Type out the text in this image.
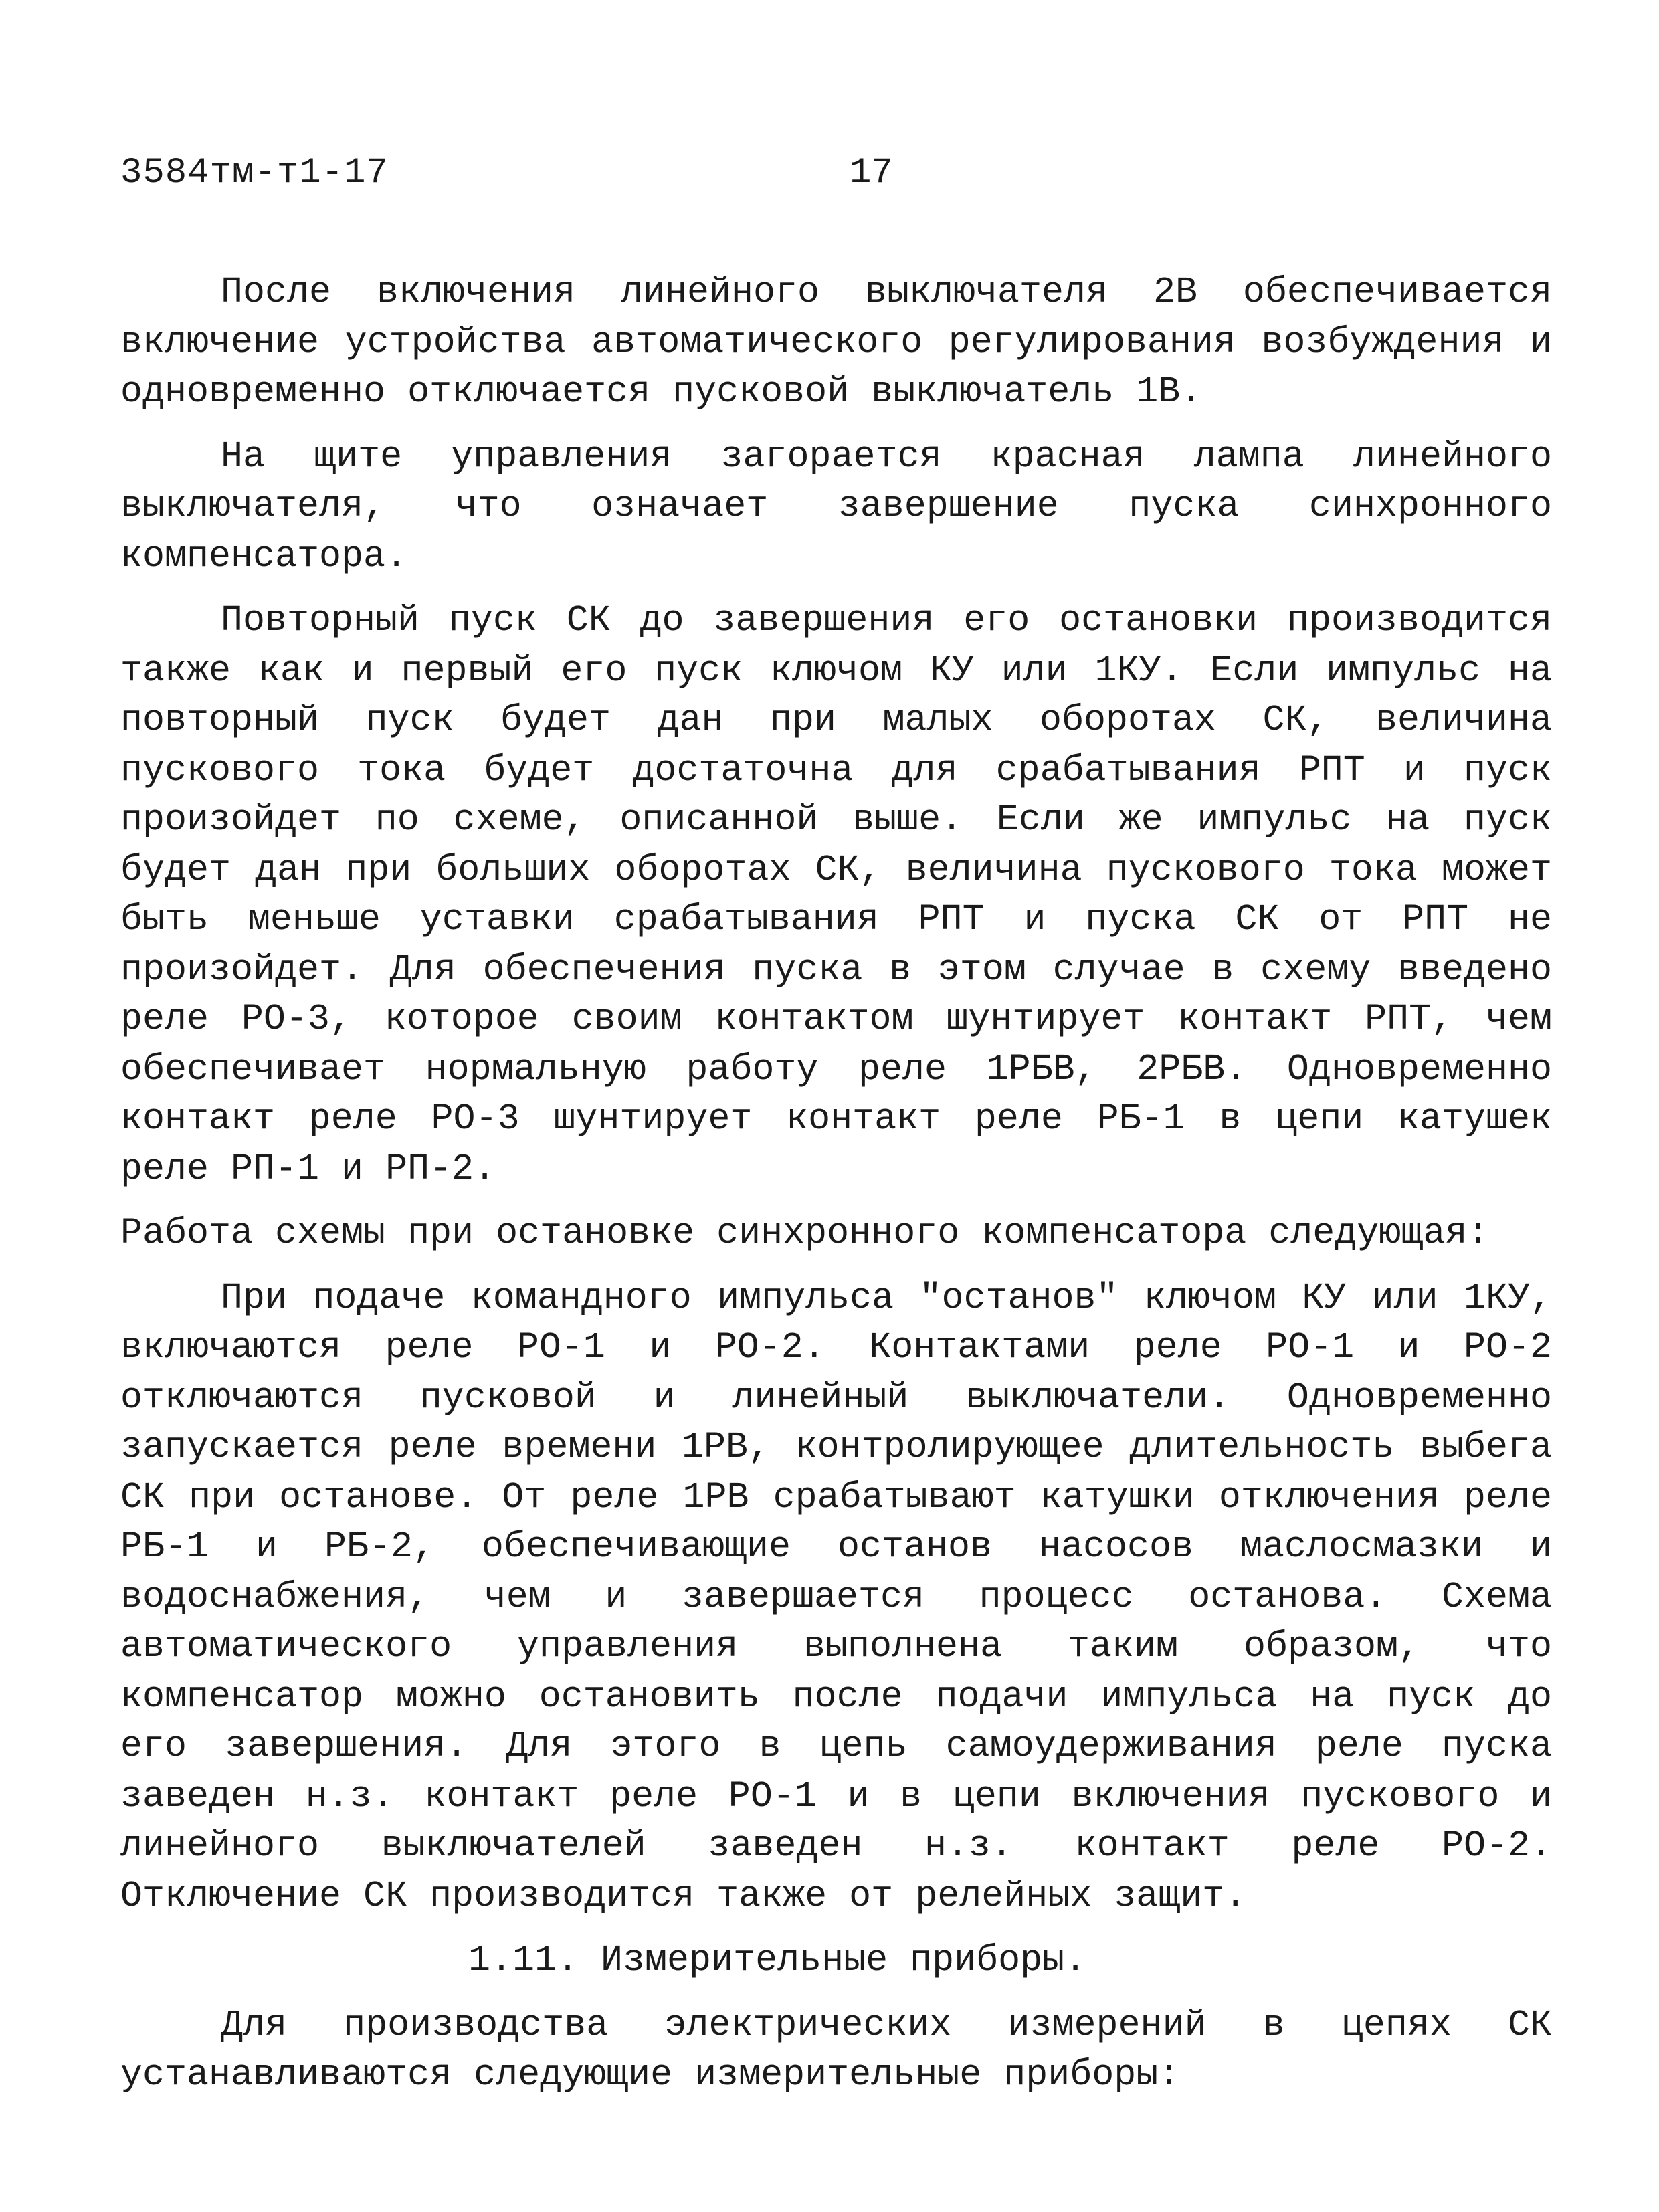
3584тм-т1-17	17

После включения линейного выключателя 2В обеспечивается включение устройства автоматического регулирования возбуждения и одновременно отключается пусковой выключатель 1В.

На щите управления загорается красная лампа линейного выключателя, что означает завершение пуска синхронного компенсатора.

Повторный пуск СК до завершения его остановки производится также как и первый его пуск ключом КУ или 1КУ. Если импульс на повторный пуск будет дан при малых оборотах СК, величина пускового тока будет достаточна для срабатывания РПТ и пуск произойдет по схеме, описанной выше. Если же импульс на пуск будет дан при больших оборотах СК, величина пускового тока может быть меньше уставки срабатывания РПТ и пуска СК от РПТ не произойдет. Для обеспечения пуска в этом случае в схему введено реле РО-3, которое своим контактом шунтирует контакт РПТ, чем обеспечивает нормальную работу реле 1РБВ, 2РБВ. Одновременно контакт реле РО-3 шунтирует контакт реле РБ-1 в цепи катушек реле РП-1 и РП-2.

Работа схемы при остановке синхронного компенсатора следующая:

При подаче командного импульса "останов" ключом КУ или 1КУ, включаются реле РО-1 и РО-2. Контактами реле РО-1 и РО-2 отключаются пусковой и линейный выключатели. Одновременно запускается реле времени 1РВ, контролирующее длительность выбега СК при останове. От реле 1РВ срабатывают катушки отключения реле РБ-1 и РБ-2, обеспечивающие останов насосов маслосмазки и водоснабжения, чем и завершается процесс останова. Схема автоматического управления выполнена таким образом, что компенсатор можно остановить после подачи импульса на пуск до его завершения. Для этого в цепь самоудерживания реле пуска заведен н.з. контакт реле РО-1 и в цепи включения пускового и линейного выключателей заведен н.з. контакт реле РО-2. Отключение СК производится также от релейных защит.

1.11. Измерительные приборы.

Для производства электрических измерений в цепях СК устанавливаются следующие измерительные приборы:
